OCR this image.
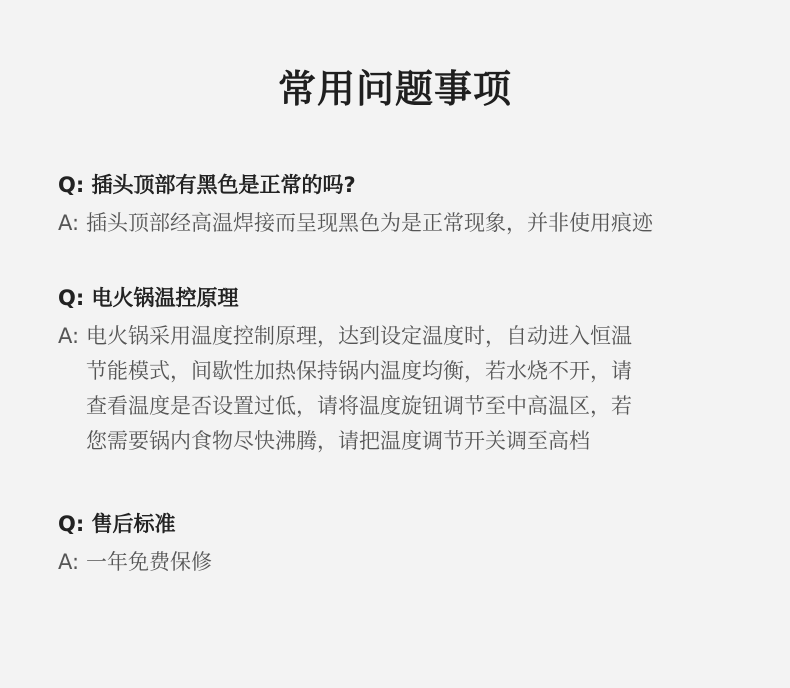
常用问题事项
Q: 插头顶部有黑色是正常的吗?
A: 插头顶部经高温焊接而呈现黑色为是正常现象，并非使用痕迹
Q: 电火锅温控原理
A: 电火锅采用温度控制原理，达到设定温度时，自动进入恒温
节能模式，间歇性加热保持锅内温度均衡，若水烧不开，请
查看温度是否设置过低，请将温度旋钮调节至中高温区，若
您需要锅内食物尽快沸腾，请把温度调节开关调至高档
Q: 售后标准
A: 一年免费保修
